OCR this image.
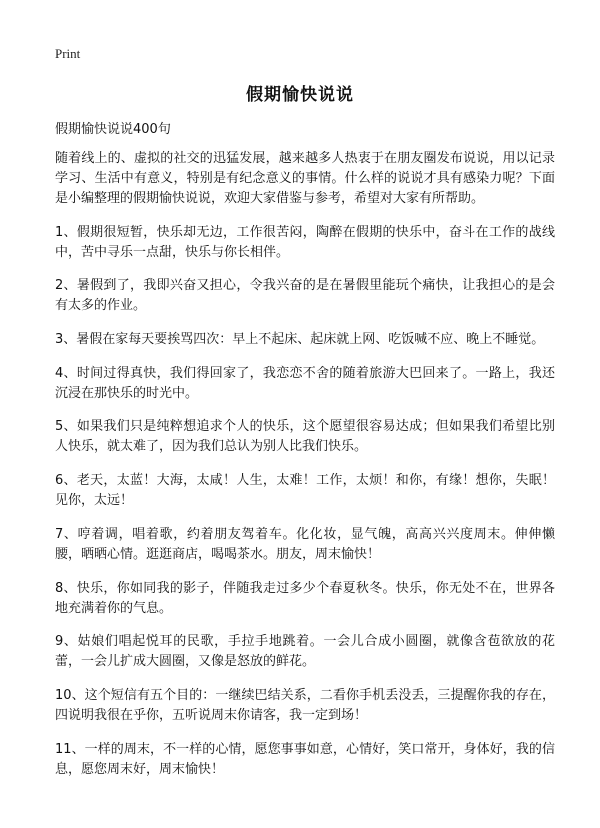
Print
假期愉快说说

假期愉快说说400句

随着线上的、虚拟的社交的迅猛发展，越来越多人热衷于在朋友圈发布说说，用以记录学习、生活中有意义，特别是有纪念意义的事情。什么样的说说才具有感染力呢？下面是小编整理的假期愉快说说，欢迎大家借鉴与参考，希望对大家有所帮助。

1、假期很短暂，快乐却无边，工作很苦闷，陶醉在假期的快乐中，奋斗在工作的战线中，苦中寻乐一点甜，快乐与你长相伴。

2、暑假到了，我即兴奋又担心，令我兴奋的是在暑假里能玩个痛快，让我担心的是会有太多的作业。

3、暑假在家每天要挨骂四次：早上不起床、起床就上网、吃饭喊不应、晚上不睡觉。

4、时间过得真快，我们得回家了，我恋恋不舍的随着旅游大巴回来了。一路上，我还沉浸在那快乐的时光中。

5、如果我们只是纯粹想追求个人的快乐，这个愿望很容易达成；但如果我们希望比别人快乐，就太难了，因为我们总认为别人比我们快乐。

6、老天，太蓝！大海，太咸！人生，太难！工作，太烦！和你，有缘！想你，失眠！见你，太远！

7、哼着调，唱着歌，约着朋友驾着车。化化妆，显气魄，高高兴兴度周末。伸伸懒腰，晒晒心情。逛逛商店，喝喝茶水。朋友，周末愉快！

8、快乐，你如同我的影子，伴随我走过多少个春夏秋冬。快乐，你无处不在，世界各地充满着你的气息。

9、姑娘们唱起悦耳的民歌，手拉手地跳着。一会儿合成小圆圈，就像含苞欲放的花蕾，一会儿扩成大圆圈，又像是怒放的鲜花。

10、这个短信有五个目的：一继续巴结关系，二看你手机丢没丢，三提醒你我的存在，四说明我很在乎你，五听说周末你请客，我一定到场！

11、一样的周末，不一样的心情，愿您事事如意，心情好，笑口常开，身体好，我的信息，愿您周末好，周末愉快！
